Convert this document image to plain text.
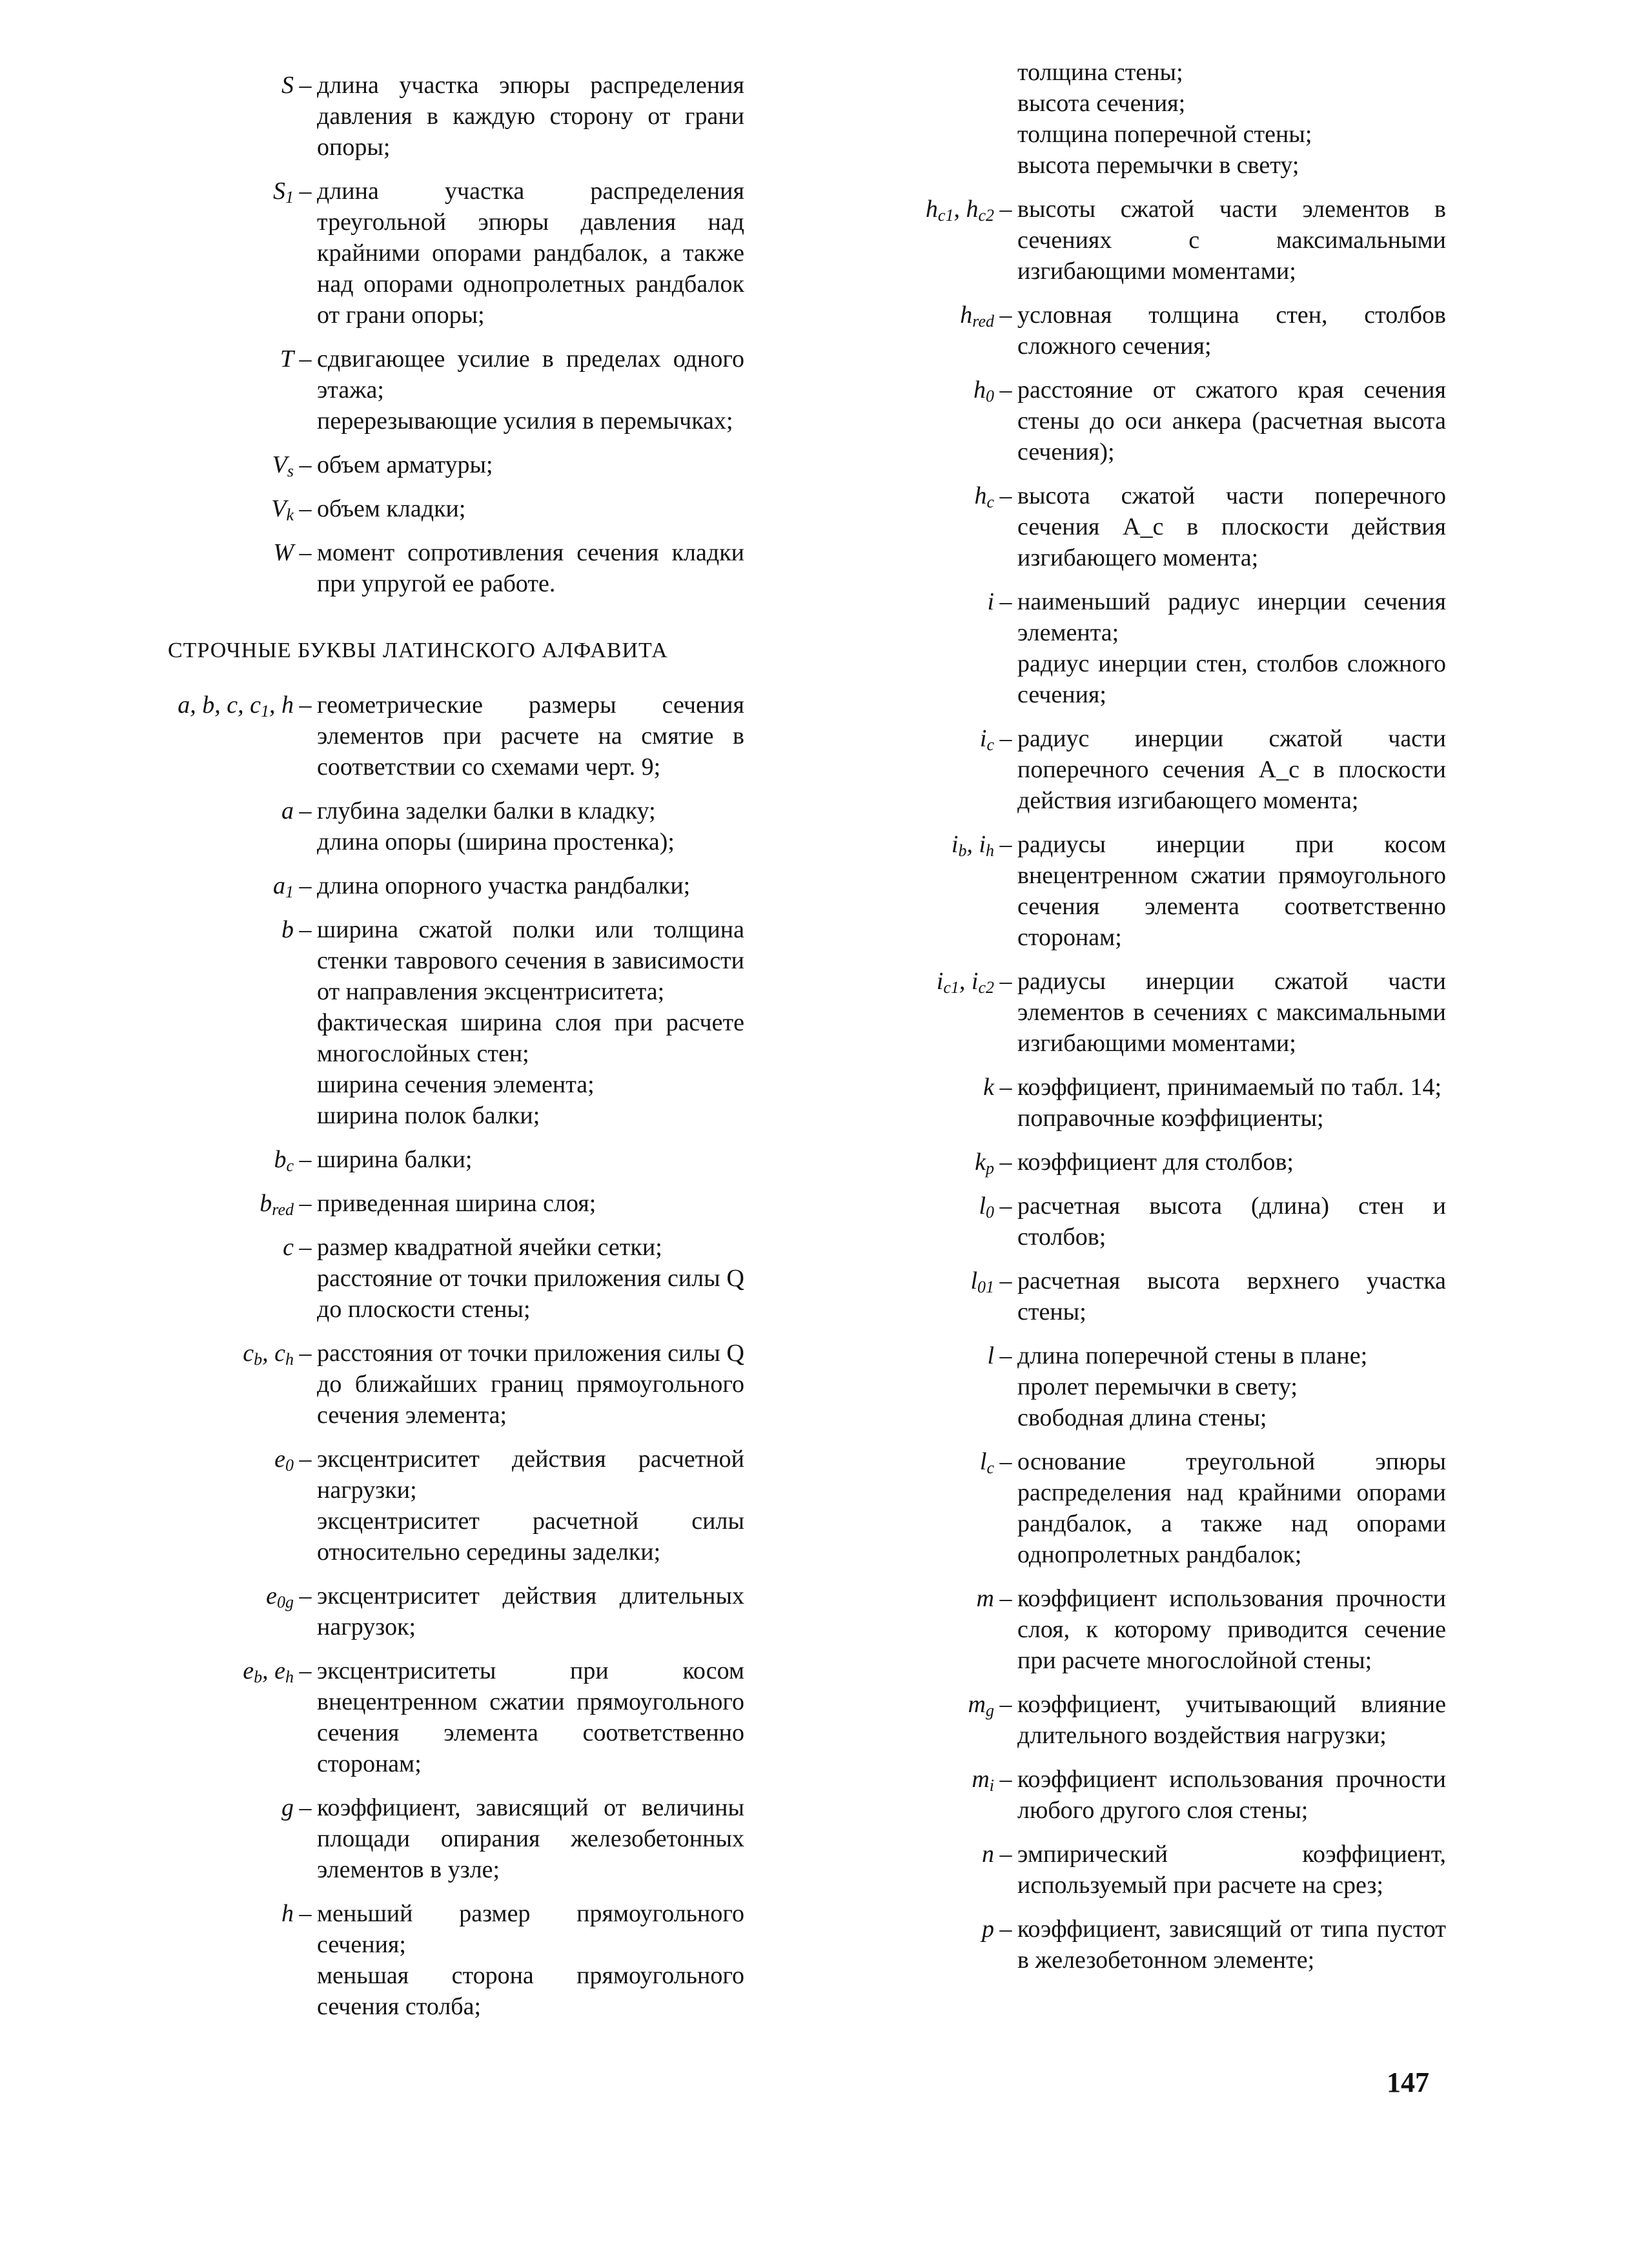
S – длина участка эпюры распределения давления в каждую сторону от грани опоры;
$S_1$ – длина участка распределения треугольной эпюры давления над крайними опорами рандбалок, а также над опорами однопролетных рандбалок от грани опоры;
T – сдвигающее усилие в пределах одного этажа;
перерезывающие усилия в перемычках;
$V_s$ – объем арматуры;
$V_k$ – объем кладки;
W – момент сопротивления сечения кладки при упругой ее работе.
СТРОЧНЫЕ БУКВЫ ЛАТИНСКОГО АЛФАВИТА
a, b, c, $c_1$, h – геометрические размеры сечения элементов при расчете на смятие в соответствии со схемами черт. 9;
a – глубина заделки балки в кладку;
длина опоры (ширина простенка);
$a_1$ – длина опорного участка рандбалки;
b – ширина сжатой полки или толщина стенки таврового сечения в зависимости от направления эксцентриситета;
фактическая ширина слоя при расчете многослойных стен;
ширина сечения элемента;
ширина полок балки;
$b_c$ – ширина балки;
$b_{red}$ – приведенная ширина слоя;
c – размер квадратной ячейки сетки;
расстояние от точки приложения силы Q до плоскости стены;
$c_b$, $c_h$ – расстояния от точки приложения силы Q до ближайших границ прямоугольного сечения элемента;
$e_0$ – эксцентриситет действия расчетной нагрузки;
эксцентриситет расчетной силы относительно середины заделки;
$e_{0g}$ – эксцентриситет действия длительных нагрузок;
$e_b$, $e_h$ – эксцентриситеты при косом внецентренном сжатии прямоугольного сечения элемента соответственно сторонам;
g – коэффициент, зависящий от величины площади опирания железобетонных элементов в узле;
h – меньший размер прямоугольного сечения;
меньшая сторона прямоугольного сечения столба;
толщина стены;
высота сечения;
толщина поперечной стены;
высота перемычки в свету;
$h_{c1}$, $h_{c2}$ – высоты сжатой части элементов в сечениях с максимальными изгибающими моментами;
$h_{red}$ – условная толщина стен, столбов сложного сечения;
$h_0$ – расстояние от сжатого края сечения стены до оси анкера (расчетная высота сечения);
$h_c$ – высота сжатой части поперечного сечения A_c в плоскости действия изгибающего момента;
i – наименьший радиус инерции сечения элемента;
радиус инерции стен, столбов сложного сечения;
$i_c$ – радиус инерции сжатой части поперечного сечения A_c в плоскости действия изгибающего момента;
$i_b$, $i_h$ – радиусы инерции при косом внецентренном сжатии прямоугольного сечения элемента соответственно сторонам;
$i_{c1}$, $i_{c2}$ – радиусы инерции сжатой части элементов в сечениях с максимальными изгибающими моментами;
k – коэффициент, принимаемый по табл. 14;
поправочные коэффициенты;
$k_p$ – коэффициент для столбов;
$l_0$ – расчетная высота (длина) стен и столбов;
$l_{01}$ – расчетная высота верхнего участка стены;
l – длина поперечной стены в плане;
пролет перемычки в свету;
свободная длина стены;
$l_c$ – основание треугольной эпюры распределения над крайними опорами рандбалок, а также над опорами однопролетных рандбалок;
m – коэффициент использования прочности слоя, к которому приводится сечение при расчете многослойной стены;
$m_g$ – коэффициент, учитывающий влияние длительного воздействия нагрузки;
$m_i$ – коэффициент использования прочности любого другого слоя стены;
n – эмпирический коэффициент, используемый при расчете на срез;
p – коэффициент, зависящий от типа пустот в железобетонном элементе;
147
